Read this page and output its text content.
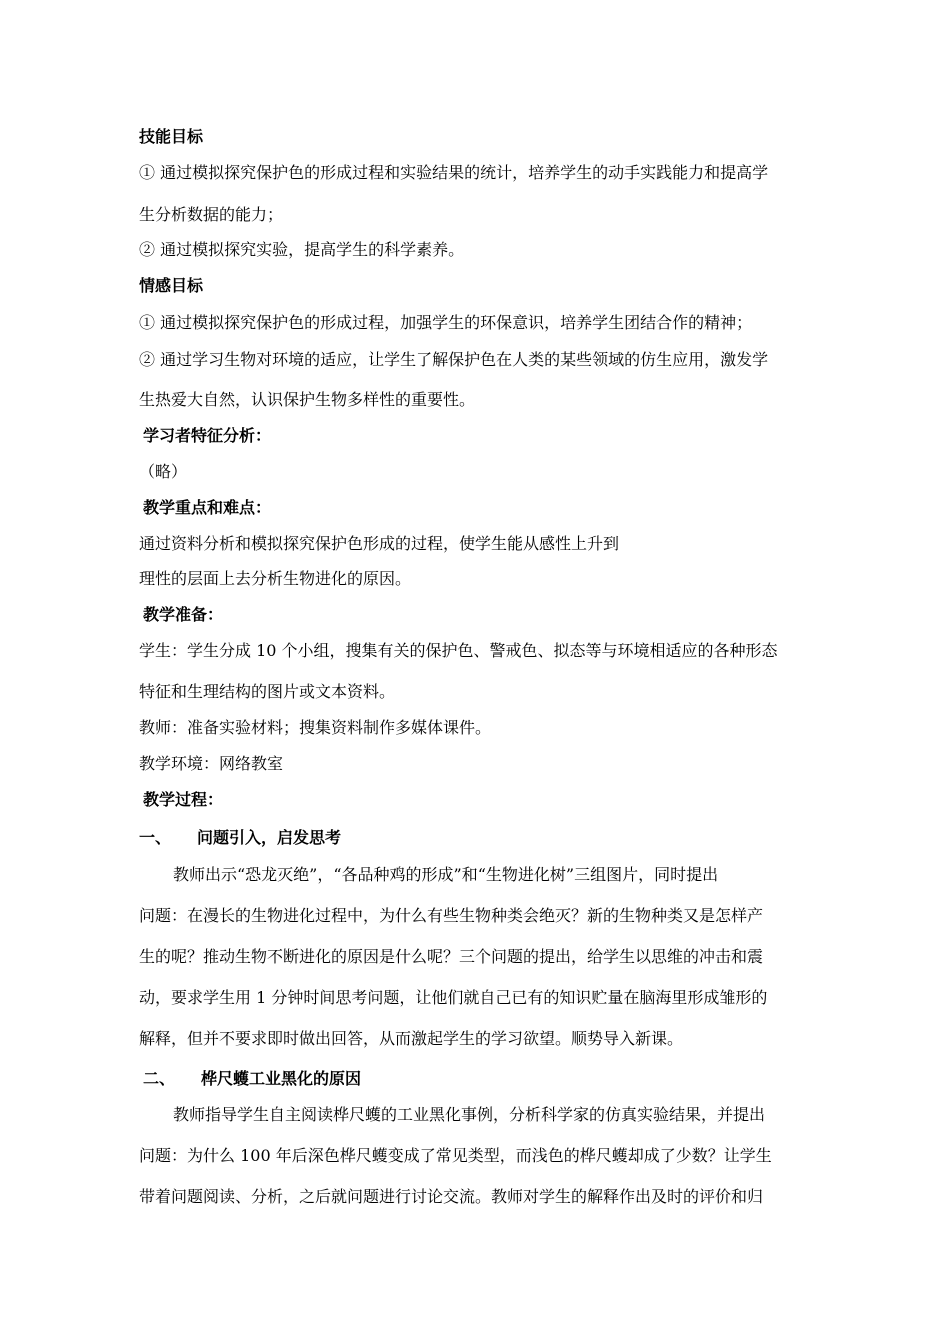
技能目标
① 通过模拟探究保护色的形成过程和实验结果的统计，培养学生的动手实践能力和提高学
生分析数据的能力；
② 通过模拟探究实验，提高学生的科学素养。
情感目标
① 通过模拟探究保护色的形成过程，加强学生的环保意识，培养学生团结合作的精神；
② 通过学习生物对环境的适应，让学生了解保护色在人类的某些领域的仿生应用，激发学
生热爱大自然，认识保护生物多样性的重要性。
学习者特征分析：
（略）
教学重点和难点：
通过资料分析和模拟探究保护色形成的过程，使学生能从感性上升到
理性的层面上去分析生物进化的原因。
教学准备：
学生：学生分成 10 个小组，搜集有关的保护色、警戒色、拟态等与环境相适应的各种形态
特征和生理结构的图片或文本资料。
教师：准备实验材料；搜集资料制作多媒体课件。
教学环境：网络教室
教学过程：
一、 问题引入，启发思考
教师出示“恐龙灭绝”，“各品种鸡的形成”和“生物进化树”三组图片，同时提出
问题：在漫长的生物进化过程中，为什么有些生物种类会绝灭？新的生物种类又是怎样产
生的呢？推动生物不断进化的原因是什么呢？三个问题的提出，给学生以思维的冲击和震
动，要求学生用 1 分钟时间思考问题，让他们就自己已有的知识贮量在脑海里形成雏形的
解释，但并不要求即时做出回答，从而激起学生的学习欲望。顺势导入新课。
二、 桦尺蠖工业黑化的原因
教师指导学生自主阅读桦尺蠖的工业黑化事例，分析科学家的仿真实验结果，并提出
问题：为什么 100 年后深色桦尺蠖变成了常见类型，而浅色的桦尺蠖却成了少数？让学生
带着问题阅读、分析，之后就问题进行讨论交流。教师对学生的解释作出及时的评价和归
